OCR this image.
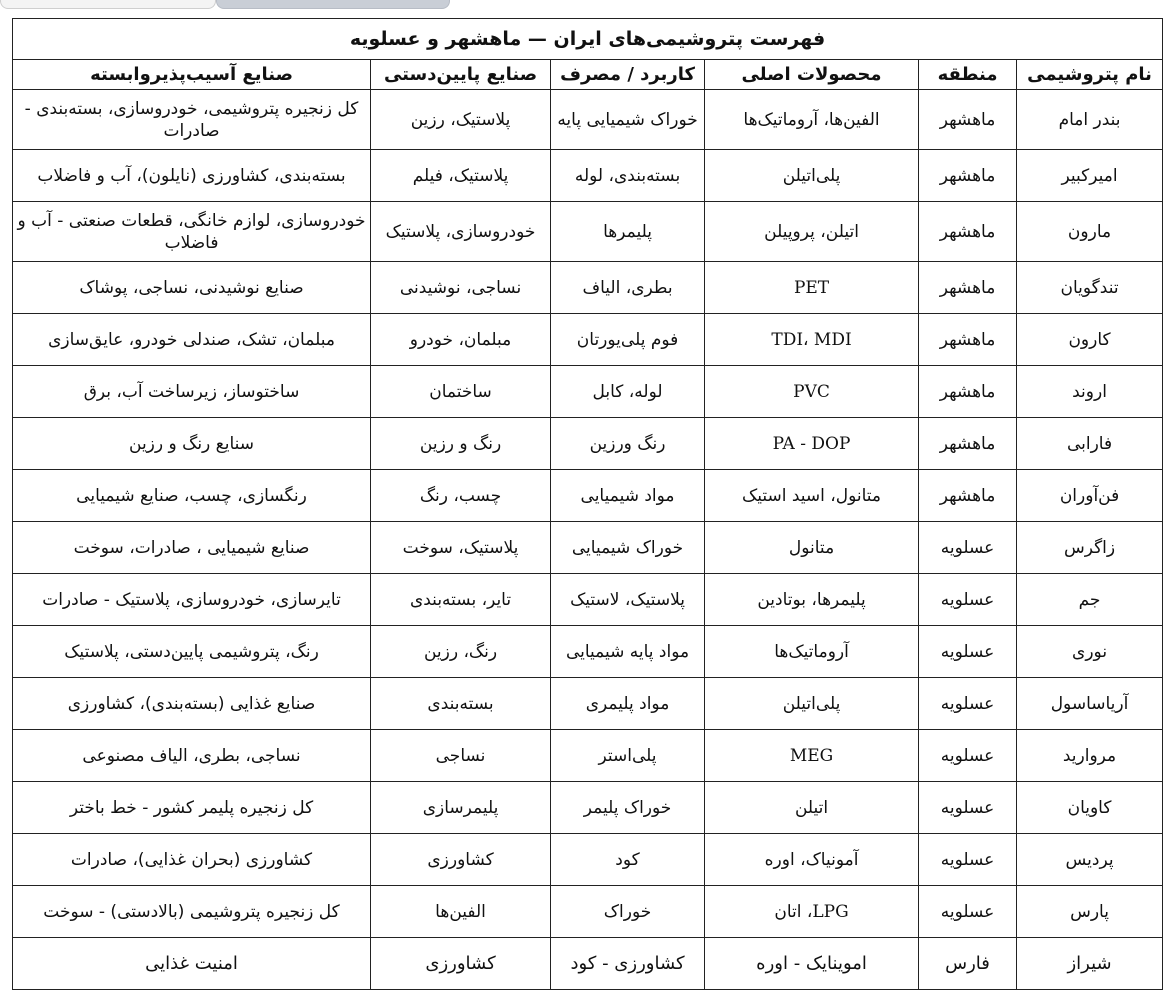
فهرست پتروشیمی‌های ایران — ماهشهر و عسلویه					
نام پتروشیمی	منطقه	محصولات اصلی	کاربرد / مصرف	صنایع پایین‌دستی	صنایع آسیب‌پذیروابسته
بندر امام	ماهشهر	الفین‌ها، آروماتیک‌ها	خوراک شیمیایی پایه	پلاستیک، رزین	کل زنجیره پتروشیمی، خودروسازی، بسته‌بندی - صادرات
امیرکبیر	ماهشهر	پلی‌اتیلن	بسته‌بندی، لوله	پلاستیک، فیلم	بسته‌بندی، کشاورزی (نایلون)، آب و فاضلاب
مارون	ماهشهر	اتیلن، پروپیلن	پلیمرها	خودروسازی، پلاستیک	خودروسازی، لوازم خانگی، قطعات صنعتی - آب و فاضلاب
تندگویان	ماهشهر	PET	بطری، الیاف	نساجی، نوشیدنی	صنایع نوشیدنی، نساجی، پوشاک
کارون	ماهشهر	TDI، MDI	فوم پلی‌یورتان	مبلمان، خودرو	مبلمان، تشک، صندلی خودرو، عایق‌سازی
اروند	ماهشهر	PVC	لوله، کابل	ساختمان	ساختوساز، زیرساخت آب، برق
فارابی	ماهشهر	PA - DOP	رنگ ورزین	رنگ و رزین	سنایع رنگ و رزین
فن‌آوران	ماهشهر	متانول، اسید استیک	مواد شیمیایی	چسب، رنگ	رنگسازی، چسب، صنایع شیمیایی
زاگرس	عسلویه	متانول	خوراک شیمیایی	پلاستیک، سوخت	صنایع شیمیایی ، صادرات، سوخت
جم	عسلویه	پلیمرها، بوتادین	پلاستیک، لاستیک	تایر، بسته‌بندی	تایرسازی، خودروسازی، پلاستیک - صادرات
نوری	عسلویه	آروماتیک‌ها	مواد پایه شیمیایی	رنگ، رزین	رنگ، پتروشیمی پایین‌دستی، پلاستیک
آریاساسول	عسلویه	پلی‌اتیلن	مواد پلیمری	بسته‌بندی	صنایع غذایی (بسته‌بندی)، کشاورزی
مروارید	عسلویه	MEG	پلی‌استر	نساجی	نساجی، بطری، الیاف مصنوعی
کاویان	عسلویه	اتیلن	خوراک پلیمر	پلیمرسازی	کل زنجیره پلیمر کشور - خط باختر
پردیس	عسلویه	آمونیاک، اوره	کود	کشاورزی	کشاورزی (بحران غذایی)، صادرات
پارس	عسلویه	LPG، اتان	خوراک	الفین‌ها	کل زنجیره پتروشیمی (بالادستی) - سوخت
شیراز	فارس	اموینایک - اوره	کشاورزی - کود	کشاورزی	امنیت غذایی
